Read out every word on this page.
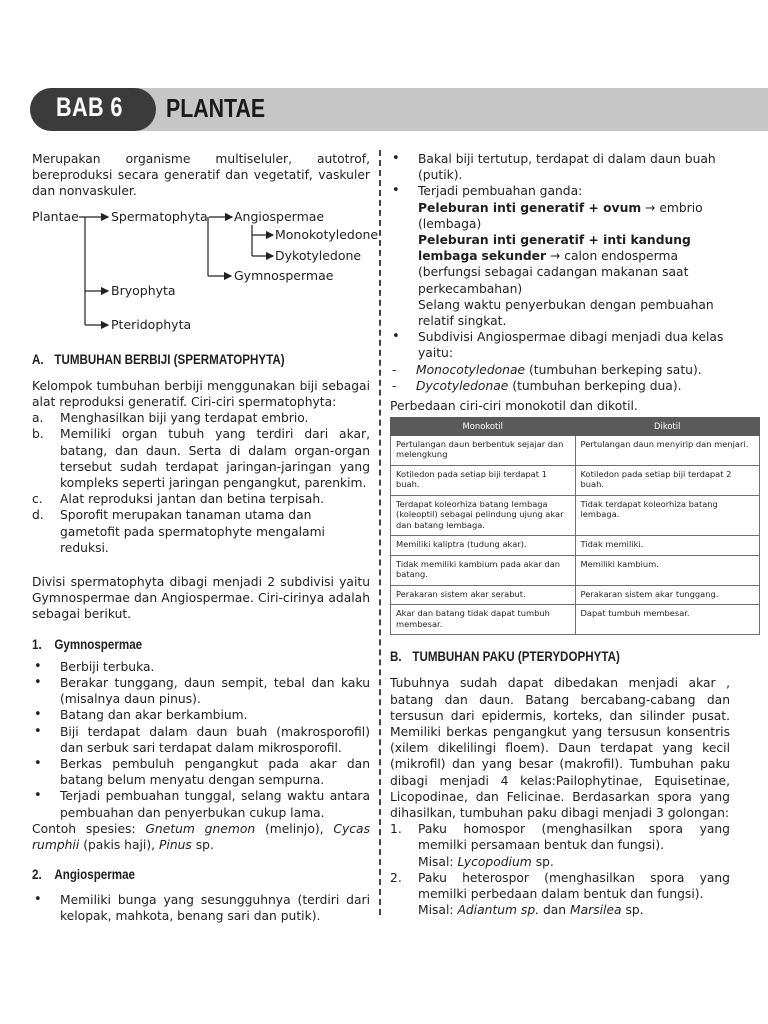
BAB 6 PLANTAE

Merupakan organisme multiseluler, autotrof, bereproduksi secara generatif dan vegetatif, vaskuler dan nonvaskuler.

Plantae	Spermatophyta Angiospermae
Monokotyledone
Dykotyledone
Gymnospermae
Bryophyta
Pteridophyta
A. TUMBUHAN BERBIJI (SPERMATOPHYTA)

Kelompok tumbuhan berbiji menggunakan biji sebagai alat reproduksi generatif. Ciri-ciri spermatophyta:

a. Menghasilkan biji yang terdapat embrio.
b. Memiliki organ tubuh yang terdiri dari akar, batang, dan daun. Serta di dalam organ-organ tersebut sudah terdapat jaringan-jaringan yang kompleks seperti jaringan pengangkut, parenkim.
c. Alat reproduksi jantan dan betina terpisah.
d. Sporofit merupakan tanaman utama dan gametofit pada spermatophyte mengalami reduksi.

Divisi spermatophyta dibagi menjadi 2 subdivisi yaitu Gymnospermae dan Angiospermae. Ciri-cirinya adalah sebagai berikut.

1. Gymnospermae
• Berbiji terbuka.
• Berakar tunggang, daun sempit, tebal dan kaku (misalnya daun pinus).
• Batang dan akar berkambium.
• Biji terdapat dalam daun buah (makrosporofil) dan serbuk sari terdapat dalam mikrosporofil.
• Berkas pembuluh pengangkut pada akar dan batang belum menyatu dengan sempurna.
• Terjadi pembuahan tunggal, selang waktu antara pembuahan dan penyerbukan cukup lama.

Contoh spesies: Gnetum gnemon (melinjo), Cycas rumphii (pakis haji), Pinus sp.

2. Angiospermae
• Memiliki bunga yang sesungguhnya (terdiri dari kelopak, mahkota, benang sari dan putik).
• Bakal biji tertutup, terdapat di dalam daun buah (putik).
• Terjadi pembuahan ganda:
Peleburan inti generatif + ovum → embrio (lembaga)
Peleburan inti generatif + inti kandung lembaga sekunder → calon endosperma (berfungsi sebagai cadangan makanan saat perkecambahan)
Selang waktu penyerbukan dengan pembuahan relatif singkat.
• Subdivisi Angiospermae dibagi menjadi dua kelas yaitu:
- Monocotyledonae (tumbuhan berkeping satu).
- Dycotyledonae (tumbuhan berkeping dua).

Perbedaan ciri-ciri monokotil dan dikotil.

Monokotil	Dikotil
Pertulangan daun berbentuk sejajar dan melengkung	Pertulangan daun menyirip dan menjari.
Kotiledon pada setiap biji terdapat 1 buah.	Kotiledon pada setiap biji terdapat 2 buah.
Terdapat koleorhiza batang lembaga (koleoptil) sebagai pelindung ujung akar dan batang lembaga.	Tidak terdapat koleorhiza batang lembaga.
Memiliki kaliptra (tudung akar).	Tidak memiliki.
Tidak memiliki kambium pada akar dan batang.	Memiliki kambium.
Perakaran sistem akar serabut.	Perakaran sistem akar tunggang.
Akar dan batang tidak dapat tumbuh membesar.	Dapat tumbuh membesar.
B. TUMBUHAN PAKU (PTERYDOPHYTA)

Tubuhnya sudah dapat dibedakan menjadi akar , batang dan daun. Batang bercabang-cabang dan tersusun dari epidermis, korteks, dan silinder pusat. Memiliki berkas pengangkut yang tersusun konsentris (xilem dikelilingi floem). Daun terdapat yang kecil (mikrofil) dan yang besar (makrofil). Tumbuhan paku dibagi menjadi 4 kelas:Pailophytinae, Equisetinae, Licopodinae, dan Felicinae. Berdasarkan spora yang dihasilkan, tumbuhan paku dibagi menjadi 3 golongan:

1. Paku homospor (menghasilkan spora yang memilki persamaan bentuk dan fungsi).
Misal: Lycopodium sp.
2. Paku heterospor (menghasilkan spora yang memilki perbedaan dalam bentuk dan fungsi).
Misal: Adiantum sp. dan Marsilea sp.
